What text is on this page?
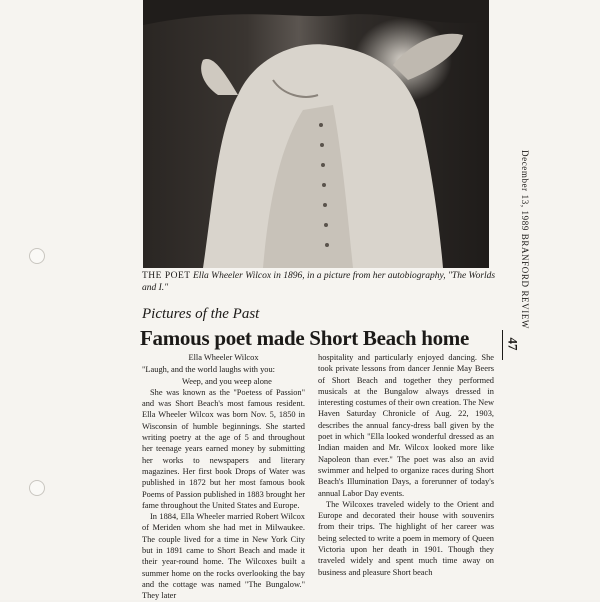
THE POET Ella Wheeler Wilcox in 1896, in a picture from her autobiography, "The Worlds and I."
Pictures of the Past
Famous poet made Short Beach home
December 13, 1989 BRANFORD REVIEW
47

Ella Wheeler Wilcox

"Laugh, and the world laughs with you:

Weep, and you weep alone

She was known as the "Poetess of Passion" and was Short Beach's most famous resident. Ella Wheeler Wilcox was born Nov. 5, 1850 in Wisconsin of humble beginnings. She started writing poetry at the age of 5 and throughout her teenage years earned money by submitting her works to newspapers and literary magazines. Her first book Drops of Water was published in 1872 but her most famous book Poems of Passion published in 1883 brought her fame throughout the United States and Europe.

In 1884, Ella Wheeler married Robert Wilcox of Meriden whom she had met in Milwaukee. The couple lived for a time in New York City but in 1891 came to Short Beach and made it their year-round home. The Wilcoxes built a summer home on the rocks overlooking the bay and the cottage was named "The Bungalow." They later

hospitality and particularly enjoyed dancing. She took private lessons from dancer Jennie May Beers of Short Beach and together they performed musicals at the Bungalow always dressed in interesting costumes of their own creation. The New Haven Saturday Chronicle of Aug. 22, 1903, describes the annual fancy-dress ball given by the poet in which "Ella looked wonderful dressed as an Indian maiden and Mr. Wilcox looked more like Napoleon than ever." The poet was also an avid swimmer and helped to organize races during Short Beach's Illumination Days, a forerunner of today's annual Labor Day events.

The Wilcoxes traveled widely to the Orient and Europe and decorated their house with souvenirs from their trips. The highlight of her career was being selected to write a poem in memory of Queen Victoria upon her death in 1901. Though they traveled widely and spent much time away on business and pleasure Short beach
